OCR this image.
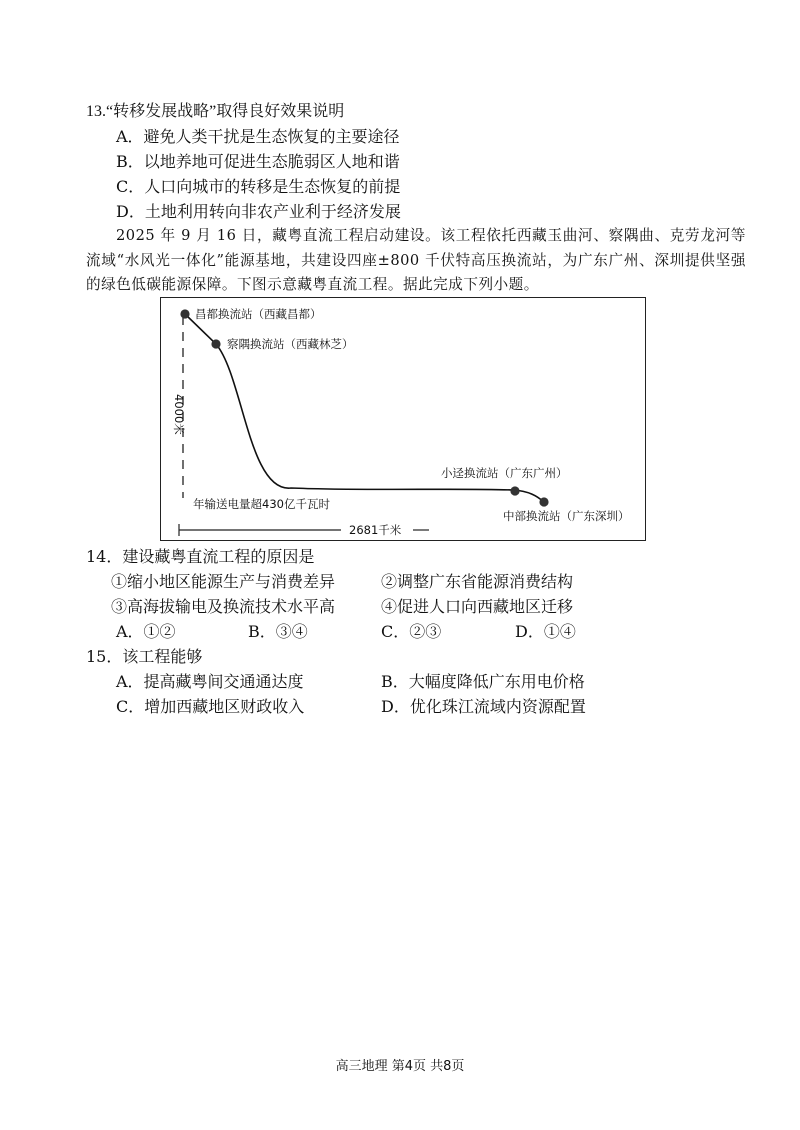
13.“转移发展战略”取得良好效果说明
A．避免人类干扰是生态恢复的主要途径
B．以地养地可促进生态脆弱区人地和谐
C．人口向城市的转移是生态恢复的前提
D．土地利用转向非农产业利于经济发展

2025 年 9 月 16 日，藏粤直流工程启动建设。该工程依托西藏玉曲河、察隅曲、克劳龙河等流域“水风光一体化”能源基地，共建设四座±800 千伏特高压换流站，为广东广州、深圳提供坚强的绿色低碳能源保障。下图示意藏粤直流工程。据此完成下列小题。

昌都换流站（西藏昌都）
察隅换流站（西藏林芝）
小迳换流站（广东广州）
中部换流站（广东深圳）
4000米
年输送电量超430亿千瓦时
2681千米
14．建设藏粤直流工程的原因是
①缩小地区能源生产与消费差异	②调整广东省能源消费结构
③高海拔输电及换流技术水平高	④促进人口向西藏地区迁移
A．①②	B．③④	C．②③	D．①④
15．该工程能够
A．提高藏粤间交通通达度	B．大幅度降低广东用电价格
C．增加西藏地区财政收入	D．优化珠江流域内资源配置
高三地理 第4页 共8页
